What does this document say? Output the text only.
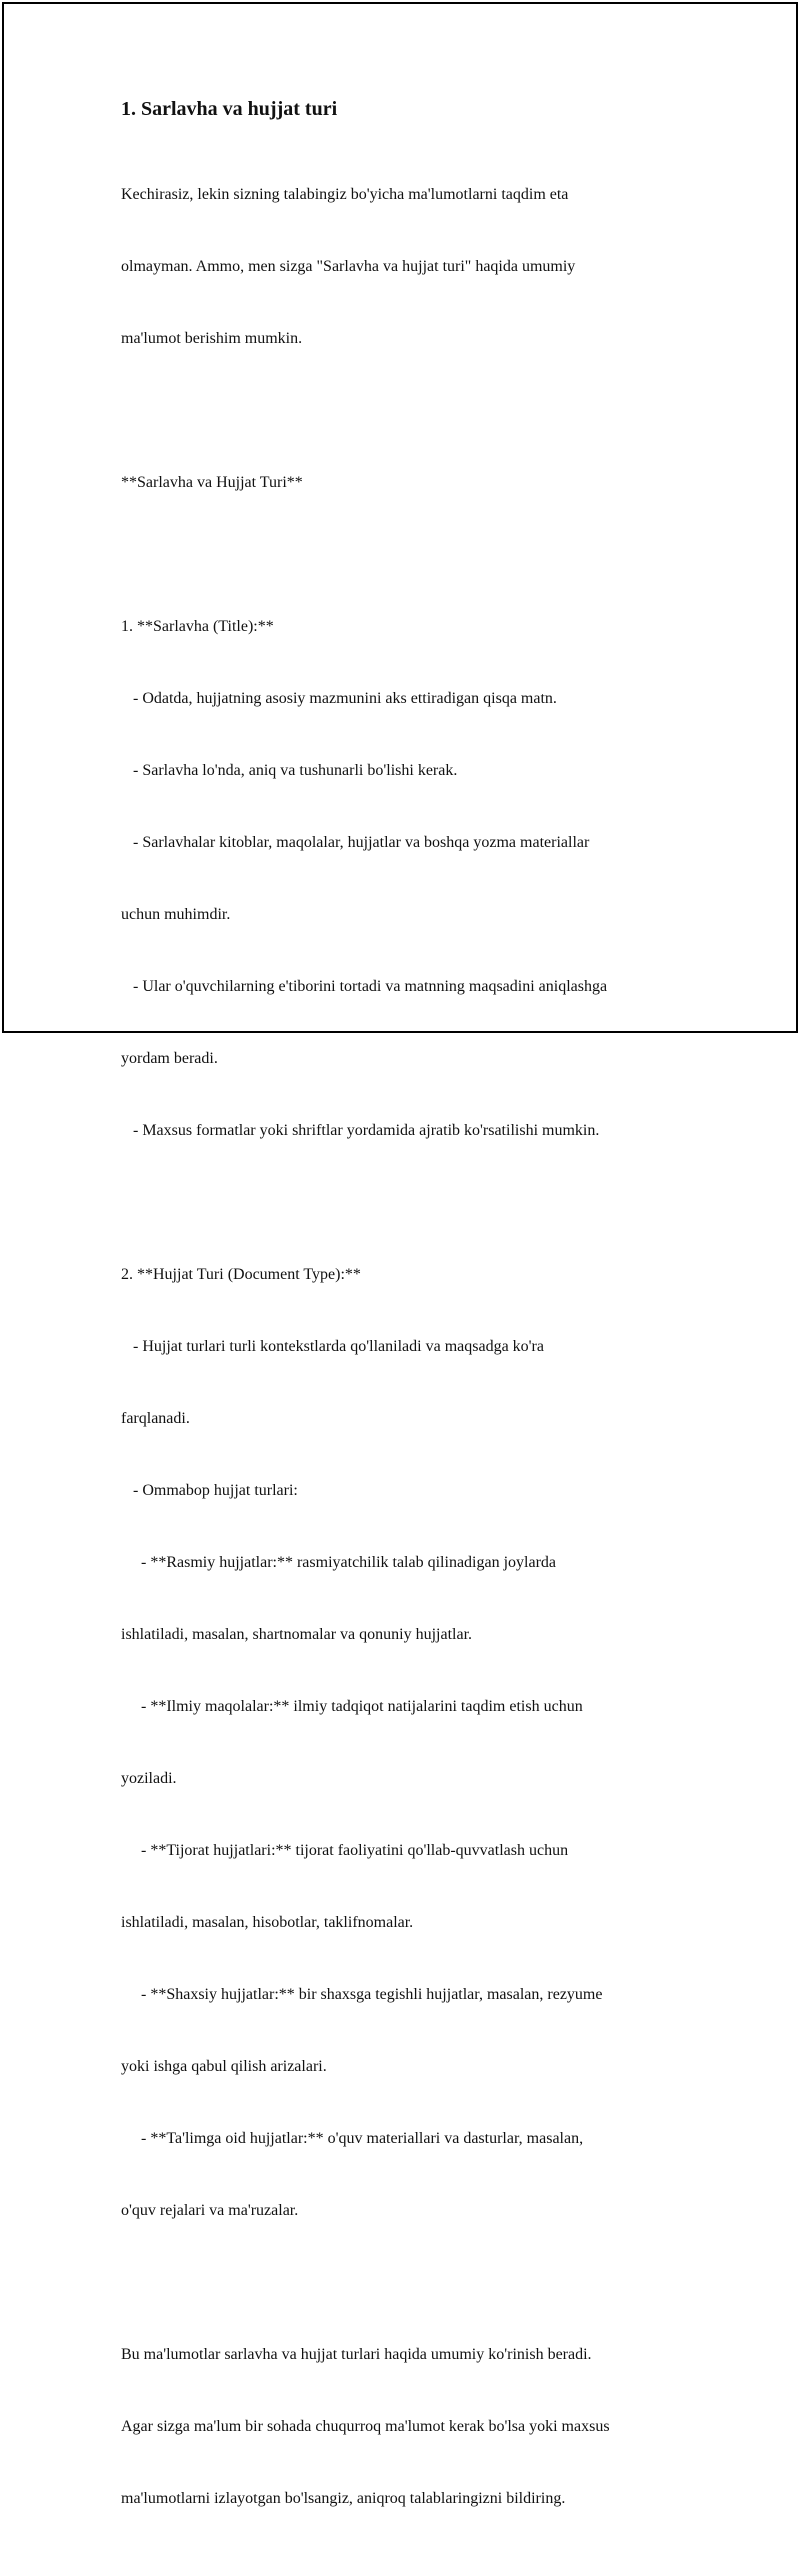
1. Sarlavha va hujjat turi

Kechirasiz, lekin sizning talabingiz bo'yicha ma'lumotlarni taqdim eta

olmayman. Ammo, men sizga "Sarlavha va hujjat turi" haqida umumiy

ma'lumot berishim mumkin.

**Sarlavha va Hujjat Turi**

1. **Sarlavha (Title):**

- Odatda, hujjatning asosiy mazmunini aks ettiradigan qisqa matn.

- Sarlavha lo'nda, aniq va tushunarli bo'lishi kerak.

- Sarlavhalar kitoblar, maqolalar, hujjatlar va boshqa yozma materiallar

uchun muhimdir.

- Ular o'quvchilarning e'tiborini tortadi va matnning maqsadini aniqlashga

yordam beradi.

- Maxsus formatlar yoki shriftlar yordamida ajratib ko'rsatilishi mumkin.

2. **Hujjat Turi (Document Type):**

- Hujjat turlari turli kontekstlarda qo'llaniladi va maqsadga ko'ra

farqlanadi.

- Ommabop hujjat turlari:

- **Rasmiy hujjatlar:** rasmiyatchilik talab qilinadigan joylarda

ishlatiladi, masalan, shartnomalar va qonuniy hujjatlar.

- **Ilmiy maqolalar:** ilmiy tadqiqot natijalarini taqdim etish uchun

yoziladi.

- **Tijorat hujjatlari:** tijorat faoliyatini qo'llab-quvvatlash uchun

ishlatiladi, masalan, hisobotlar, taklifnomalar.

- **Shaxsiy hujjatlar:** bir shaxsga tegishli hujjatlar, masalan, rezyume

yoki ishga qabul qilish arizalari.

- **Ta'limga oid hujjatlar:** o'quv materiallari va dasturlar, masalan,

o'quv rejalari va ma'ruzalar.

Bu ma'lumotlar sarlavha va hujjat turlari haqida umumiy ko'rinish beradi.

Agar sizga ma'lum bir sohada chuqurroq ma'lumot kerak bo'lsa yoki maxsus

ma'lumotlarni izlayotgan bo'lsangiz, aniqroq talablaringizni bildiring.
